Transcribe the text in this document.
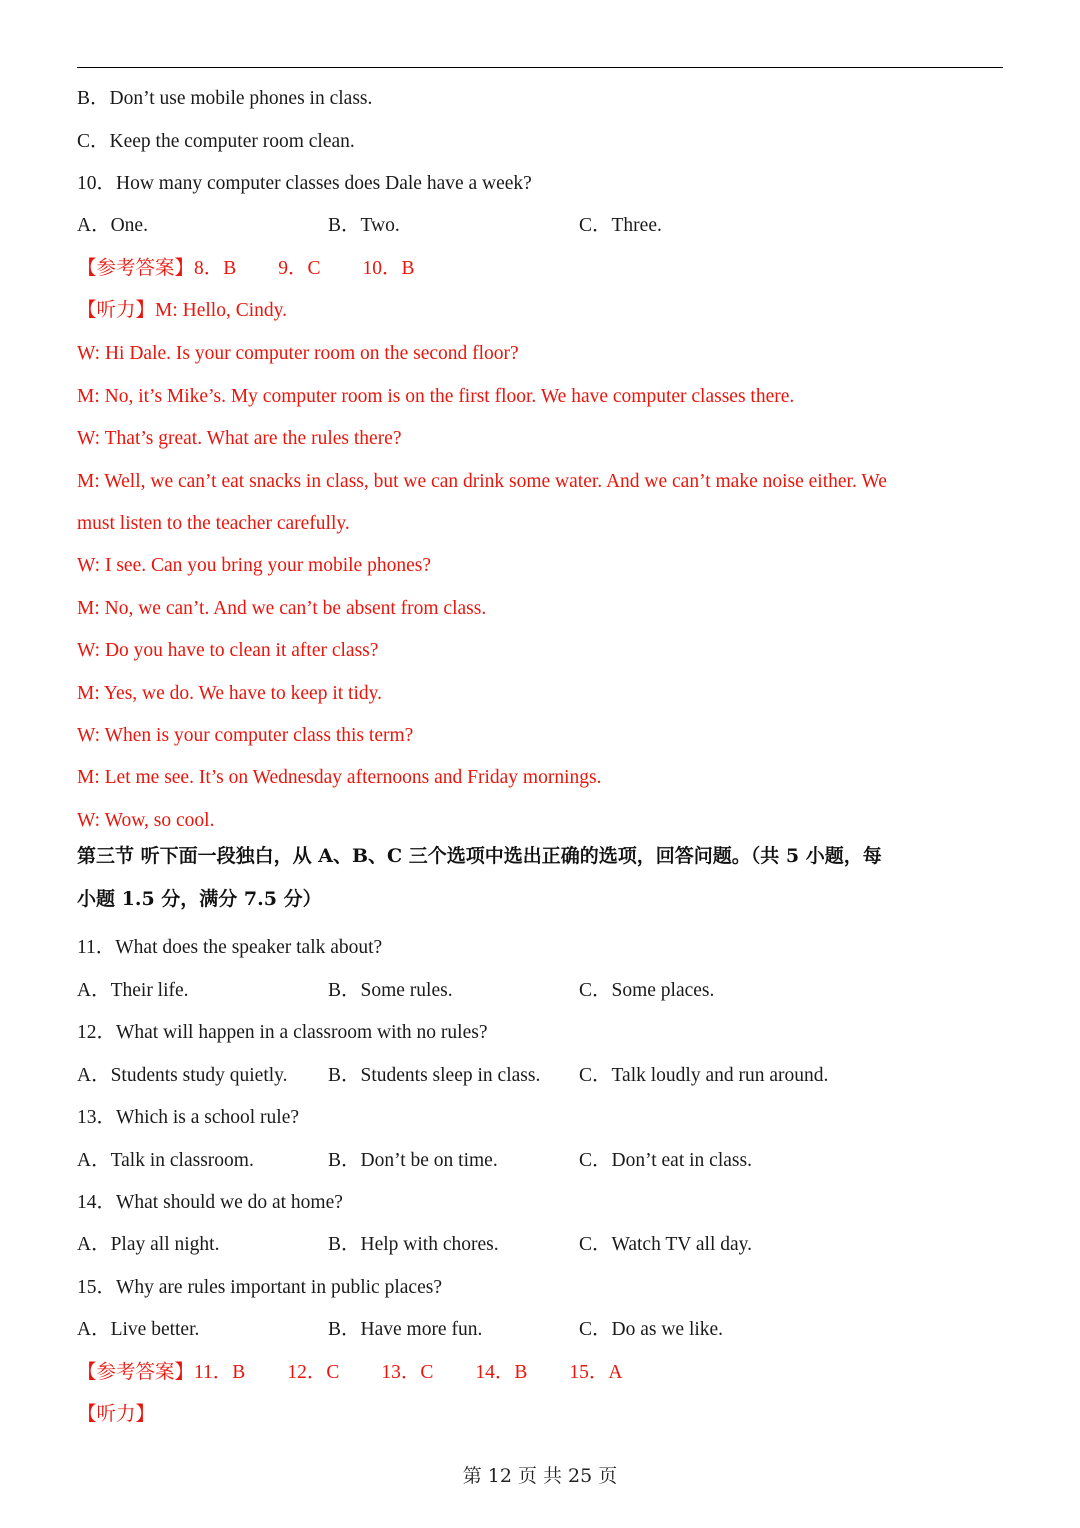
B．Don’t use mobile phones in class.
C．Keep the computer room clean.
10．How many computer classes does Dale have a week?
A．One.	B．Two.	C．Three.
【参考答案】8．B 9．C 10．B
【听力】M: Hello, Cindy.
W: Hi Dale. Is your computer room on the second floor?
M: No, it’s Mike’s. My computer room is on the first floor. We have computer classes there.
W: That’s great. What are the rules there?
M: Well, we can’t eat snacks in class, but we can drink some water. And we can’t make noise either. We
must listen to the teacher carefully.
W: I see. Can you bring your mobile phones?
M: No, we can’t. And we can’t be absent from class.
W: Do you have to clean it after class?
M: Yes, we do. We have to keep it tidy.
W: When is your computer class this term?
M: Let me see. It’s on Wednesday afternoons and Friday mornings.
W: Wow, so cool.
第三节 听下面一段独白，从 A、B、C 三个选项中选出正确的选项，回答问题。（共 5 小题，每
小题 1.5 分，满分 7.5 分）
11．What does the speaker talk about?
A．Their life.	B．Some rules.	C．Some places.
12．What will happen in a classroom with no rules?
A．Students study quietly. B．Students sleep in class. C．Talk loudly and run around.
13．Which is a school rule?
A．Talk in classroom.	B．Don’t be on time.	C．Don’t eat in class.
14．What should we do at home?
A．Play all night.	B．Help with chores.	C．Watch TV all day.
15．Why are rules important in public places?
A．Live better.	B．Have more fun.	C．Do as we like.
【参考答案】11．B 12．C 13．C 14．B 15．A
【听力】
第 12 页 共 25 页
